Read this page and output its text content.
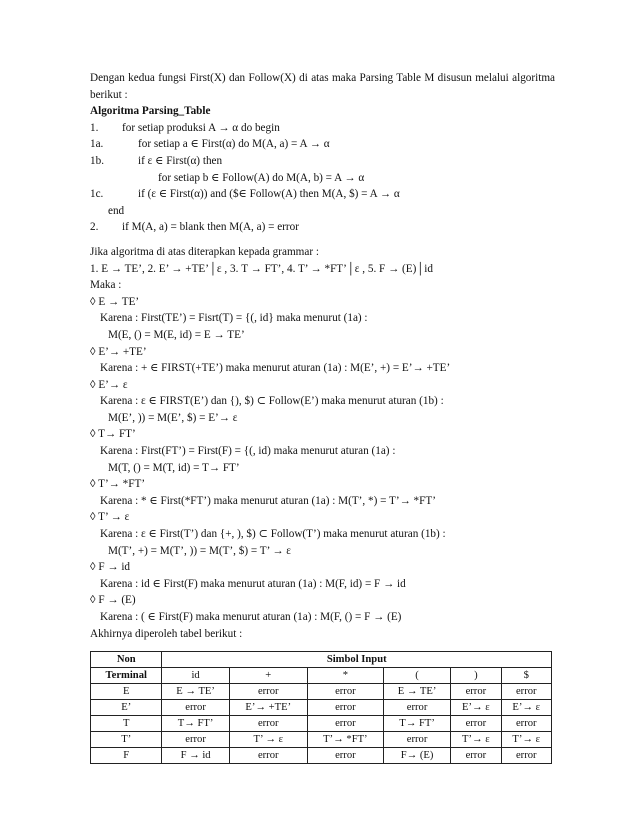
Dengan kedua fungsi First(X) dan Follow(X) di atas maka Parsing Table M disusun melalui algoritma berikut :
Algoritma Parsing_Table
1. for setiap produksi A → α do begin
1a.	for setiap a ∈ First(α) do M(A, a) = A → α
1b.	if ε ∈ First(α) then
for setiap b ∈ Follow(A) do M(A, b) = A → α
1c.	if (ε ∈ First(α)) and ($∈ Follow(A) then M(A, $) = A → α
end
2. if M(A, a) = blank then M(A, a) = error
Jika algoritma di atas diterapkan kepada grammar :
1. E → TE’, 2. E’ → +TE’│ε , 3. T → FT’, 4. T’ → *FT’│ε , 5. F → (E)│id
Maka :
◊ E → TE’
Karena : First(TE’) = Fisrt(T) = {(, id} maka menurut (1a) :
M(E, () = M(E, id) = E → TE’
◊ E’→ +TE’
Karena : + ∈ FIRST(+TE’) maka menurut aturan (1a) : M(E’, +) = E’→ +TE’
◊ E’→ ε
Karena : ε ∈ FIRST(E’) dan {), $) ⊂ Follow(E’) maka menurut aturan (1b) :
M(E’, )) = M(E’, $) = E’→ ε
◊ T→ FT’
Karena : First(FT’) = First(F) = {(, id) maka menurut aturan (1a) :
M(T, () = M(T, id) = T→ FT’
◊ T’→ *FT’
Karena : * ∈ First(*FT’) maka menurut aturan (1a) : M(T’, *) = T’→ *FT’
◊ T’ → ε
Karena : ε ∈ First(T’) dan {+, ), $) ⊂ Follow(T’) maka menurut aturan (1b) :
M(T’, +) = M(T’, )) = M(T’, $) = T’ → ε
◊ F → id
Karena : id ∈ First(F) maka menurut aturan (1a) : M(F, id) = F → id
◊ F → (E)
Karena : ( ∈ First(F) maka menurut aturan (1a) : M(F, () = F → (E)
Akhirnya diperoleh tabel berikut :
Non	Simbol Input					
Terminal	id	+	*	(	)	$
E	E → TE’	error	error	E → TE’	error	error
E’	error	E’→ +TE’	error	error	E’→ ε	E’→ ε
T	T→ FT’	error	error	T→ FT’	error	error
T’	error	T’ → ε	T’→ *FT’	error	T’→ ε	T’→ ε
F	F → id	error	error	F→ (E)	error	error
